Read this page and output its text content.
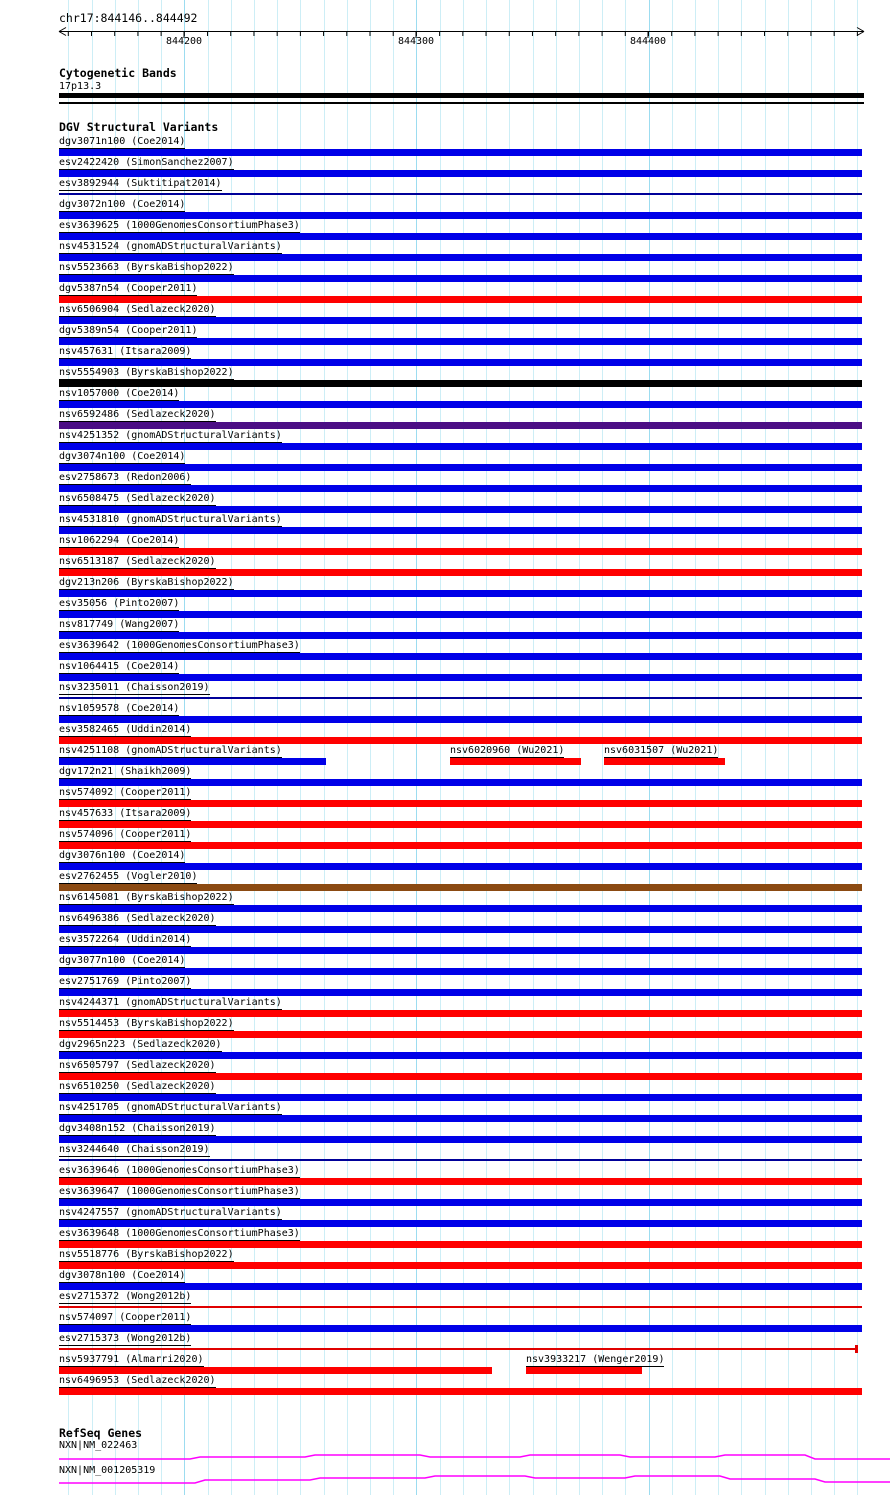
chr17:844146..844492
844200	844300	844400
Cytogenetic Bands
17p13.3
DGV Structural Variants
dgv3071n100 (Coe2014)
esv2422420 (SimonSanchez2007)
esv3892944 (Suktitipat2014)
dgv3072n100 (Coe2014)
esv3639625 (1000GenomesConsortiumPhase3)
nsv4531524 (gnomADStructuralVariants)
nsv5523663 (ByrskaBishop2022)
dgv5387n54 (Cooper2011)
nsv6506904 (Sedlazeck2020)
dgv5389n54 (Cooper2011)
nsv457631 (Itsara2009)
nsv5554903 (ByrskaBishop2022)
nsv1057000 (Coe2014)
nsv6592486 (Sedlazeck2020)
nsv4251352 (gnomADStructuralVariants)
dgv3074n100 (Coe2014)
esv2758673 (Redon2006)
nsv6508475 (Sedlazeck2020)
nsv4531810 (gnomADStructuralVariants)
nsv1062294 (Coe2014)
nsv6513187 (Sedlazeck2020)
dgv213n206 (ByrskaBishop2022)
esv35056 (Pinto2007)
nsv817749 (Wang2007)
esv3639642 (1000GenomesConsortiumPhase3)
nsv1064415 (Coe2014)
nsv3235011 (Chaisson2019)
nsv1059578 (Coe2014)
esv3582465 (Uddin2014)
nsv4251108 (gnomADStructuralVariants)	nsv6020960 (Wu2021)	nsv6031507 (Wu2021)
dgv172n21 (Shaikh2009)
nsv574092 (Cooper2011)
nsv457633 (Itsara2009)
nsv574096 (Cooper2011)
dgv3076n100 (Coe2014)
esv2762455 (Vogler2010)
nsv6145081 (ByrskaBishop2022)
nsv6496386 (Sedlazeck2020)
esv3572264 (Uddin2014)
dgv3077n100 (Coe2014)
esv2751769 (Pinto2007)
nsv4244371 (gnomADStructuralVariants)
nsv5514453 (ByrskaBishop2022)
dgv2965n223 (Sedlazeck2020)
nsv6505797 (Sedlazeck2020)
nsv6510250 (Sedlazeck2020)
nsv4251705 (gnomADStructuralVariants)
dgv3408n152 (Chaisson2019)
nsv3244640 (Chaisson2019)
esv3639646 (1000GenomesConsortiumPhase3)
esv3639647 (1000GenomesConsortiumPhase3)
nsv4247557 (gnomADStructuralVariants)
esv3639648 (1000GenomesConsortiumPhase3)
nsv5518776 (ByrskaBishop2022)
dgv3078n100 (Coe2014)
esv2715372 (Wong2012b)
nsv574097 (Cooper2011)
esv2715373 (Wong2012b)
nsv5937791 (Almarri2020)	nsv3933217 (Wenger2019)
nsv6496953 (Sedlazeck2020)
RefSeq Genes
NXN|NM_022463
NXN|NM_001205319
